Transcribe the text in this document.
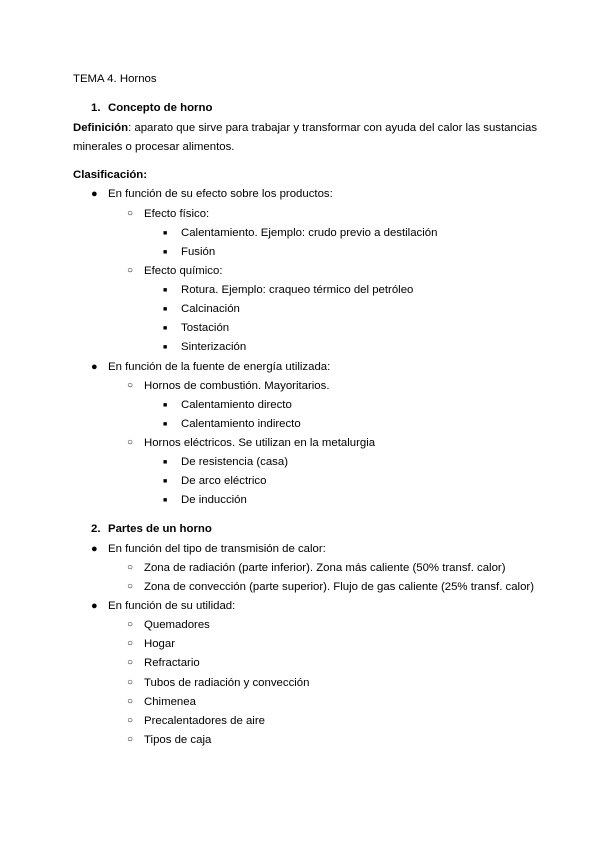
TEMA 4. Hornos
1. Concepto de horno
Definición: aparato que sirve para trabajar y transformar con ayuda del calor las sustancias
minerales o procesar alimentos.
Clasificación:
● En función de su efecto sobre los productos:
○ Efecto físico:
■ Calentamiento. Ejemplo: crudo previo a destilación
■ Fusión
○ Efecto químico:
■ Rotura. Ejemplo: craqueo térmico del petróleo
■ Calcinación
■ Tostación
■ Sinterización
● En función de la fuente de energía utilizada:
○ Hornos de combustión. Mayoritarios.
■ Calentamiento directo
■ Calentamiento indirecto
○ Hornos eléctricos. Se utilizan en la metalurgia
■ De resistencia (casa)
■ De arco eléctrico
■ De inducción
2. Partes de un horno
● En función del tipo de transmisión de calor:
○ Zona de radiación (parte inferior). Zona más caliente (50% transf. calor)
○ Zona de convección (parte superior). Flujo de gas caliente (25% transf. calor)
● En función de su utilidad:
○ Quemadores
○ Hogar
○ Refractario
○ Tubos de radiación y convección
○ Chimenea
○ Precalentadores de aire
○ Tipos de caja
